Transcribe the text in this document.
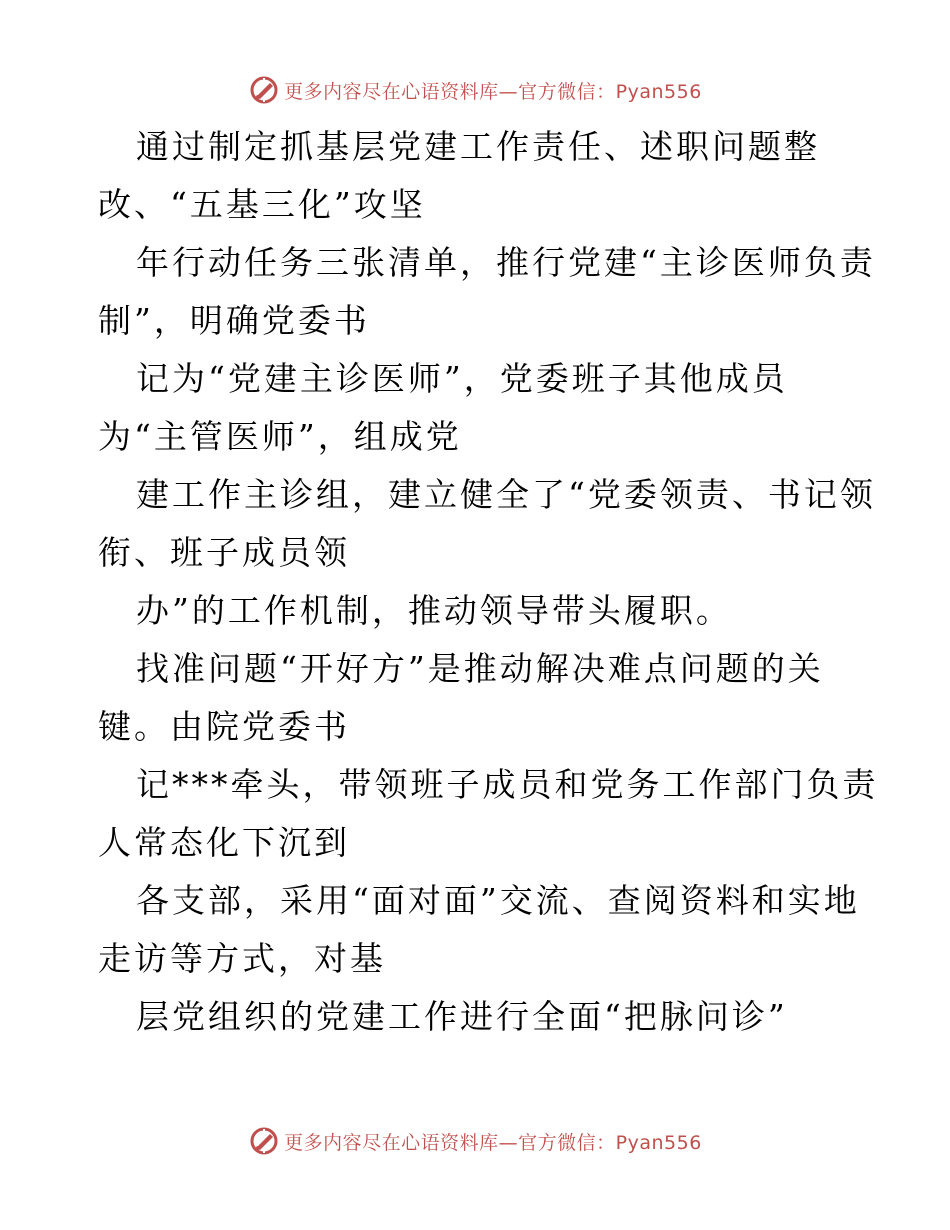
更多内容尽在心语资料库—官方微信：Pyan556
通过制定抓基层党建工作责任、述职问题整
改、“五基三化”攻坚
年行动任务三张清单，推行党建“主诊医师负责
制”，明确党委书
记为“党建主诊医师”，党委班子其他成员
为“主管医师”，组成党
建工作主诊组，建立健全了“党委领责、书记领
衔、班子成员领
办”的工作机制，推动领导带头履职。
找准问题“开好方”是推动解决难点问题的关
键。由院党委书
记***牵头，带领班子成员和党务工作部门负责
人常态化下沉到
各支部，采用“面对面”交流、查阅资料和实地
走访等方式，对基
层党组织的党建工作进行全面“把脉问诊”
更多内容尽在心语资料库—官方微信：Pyan556
